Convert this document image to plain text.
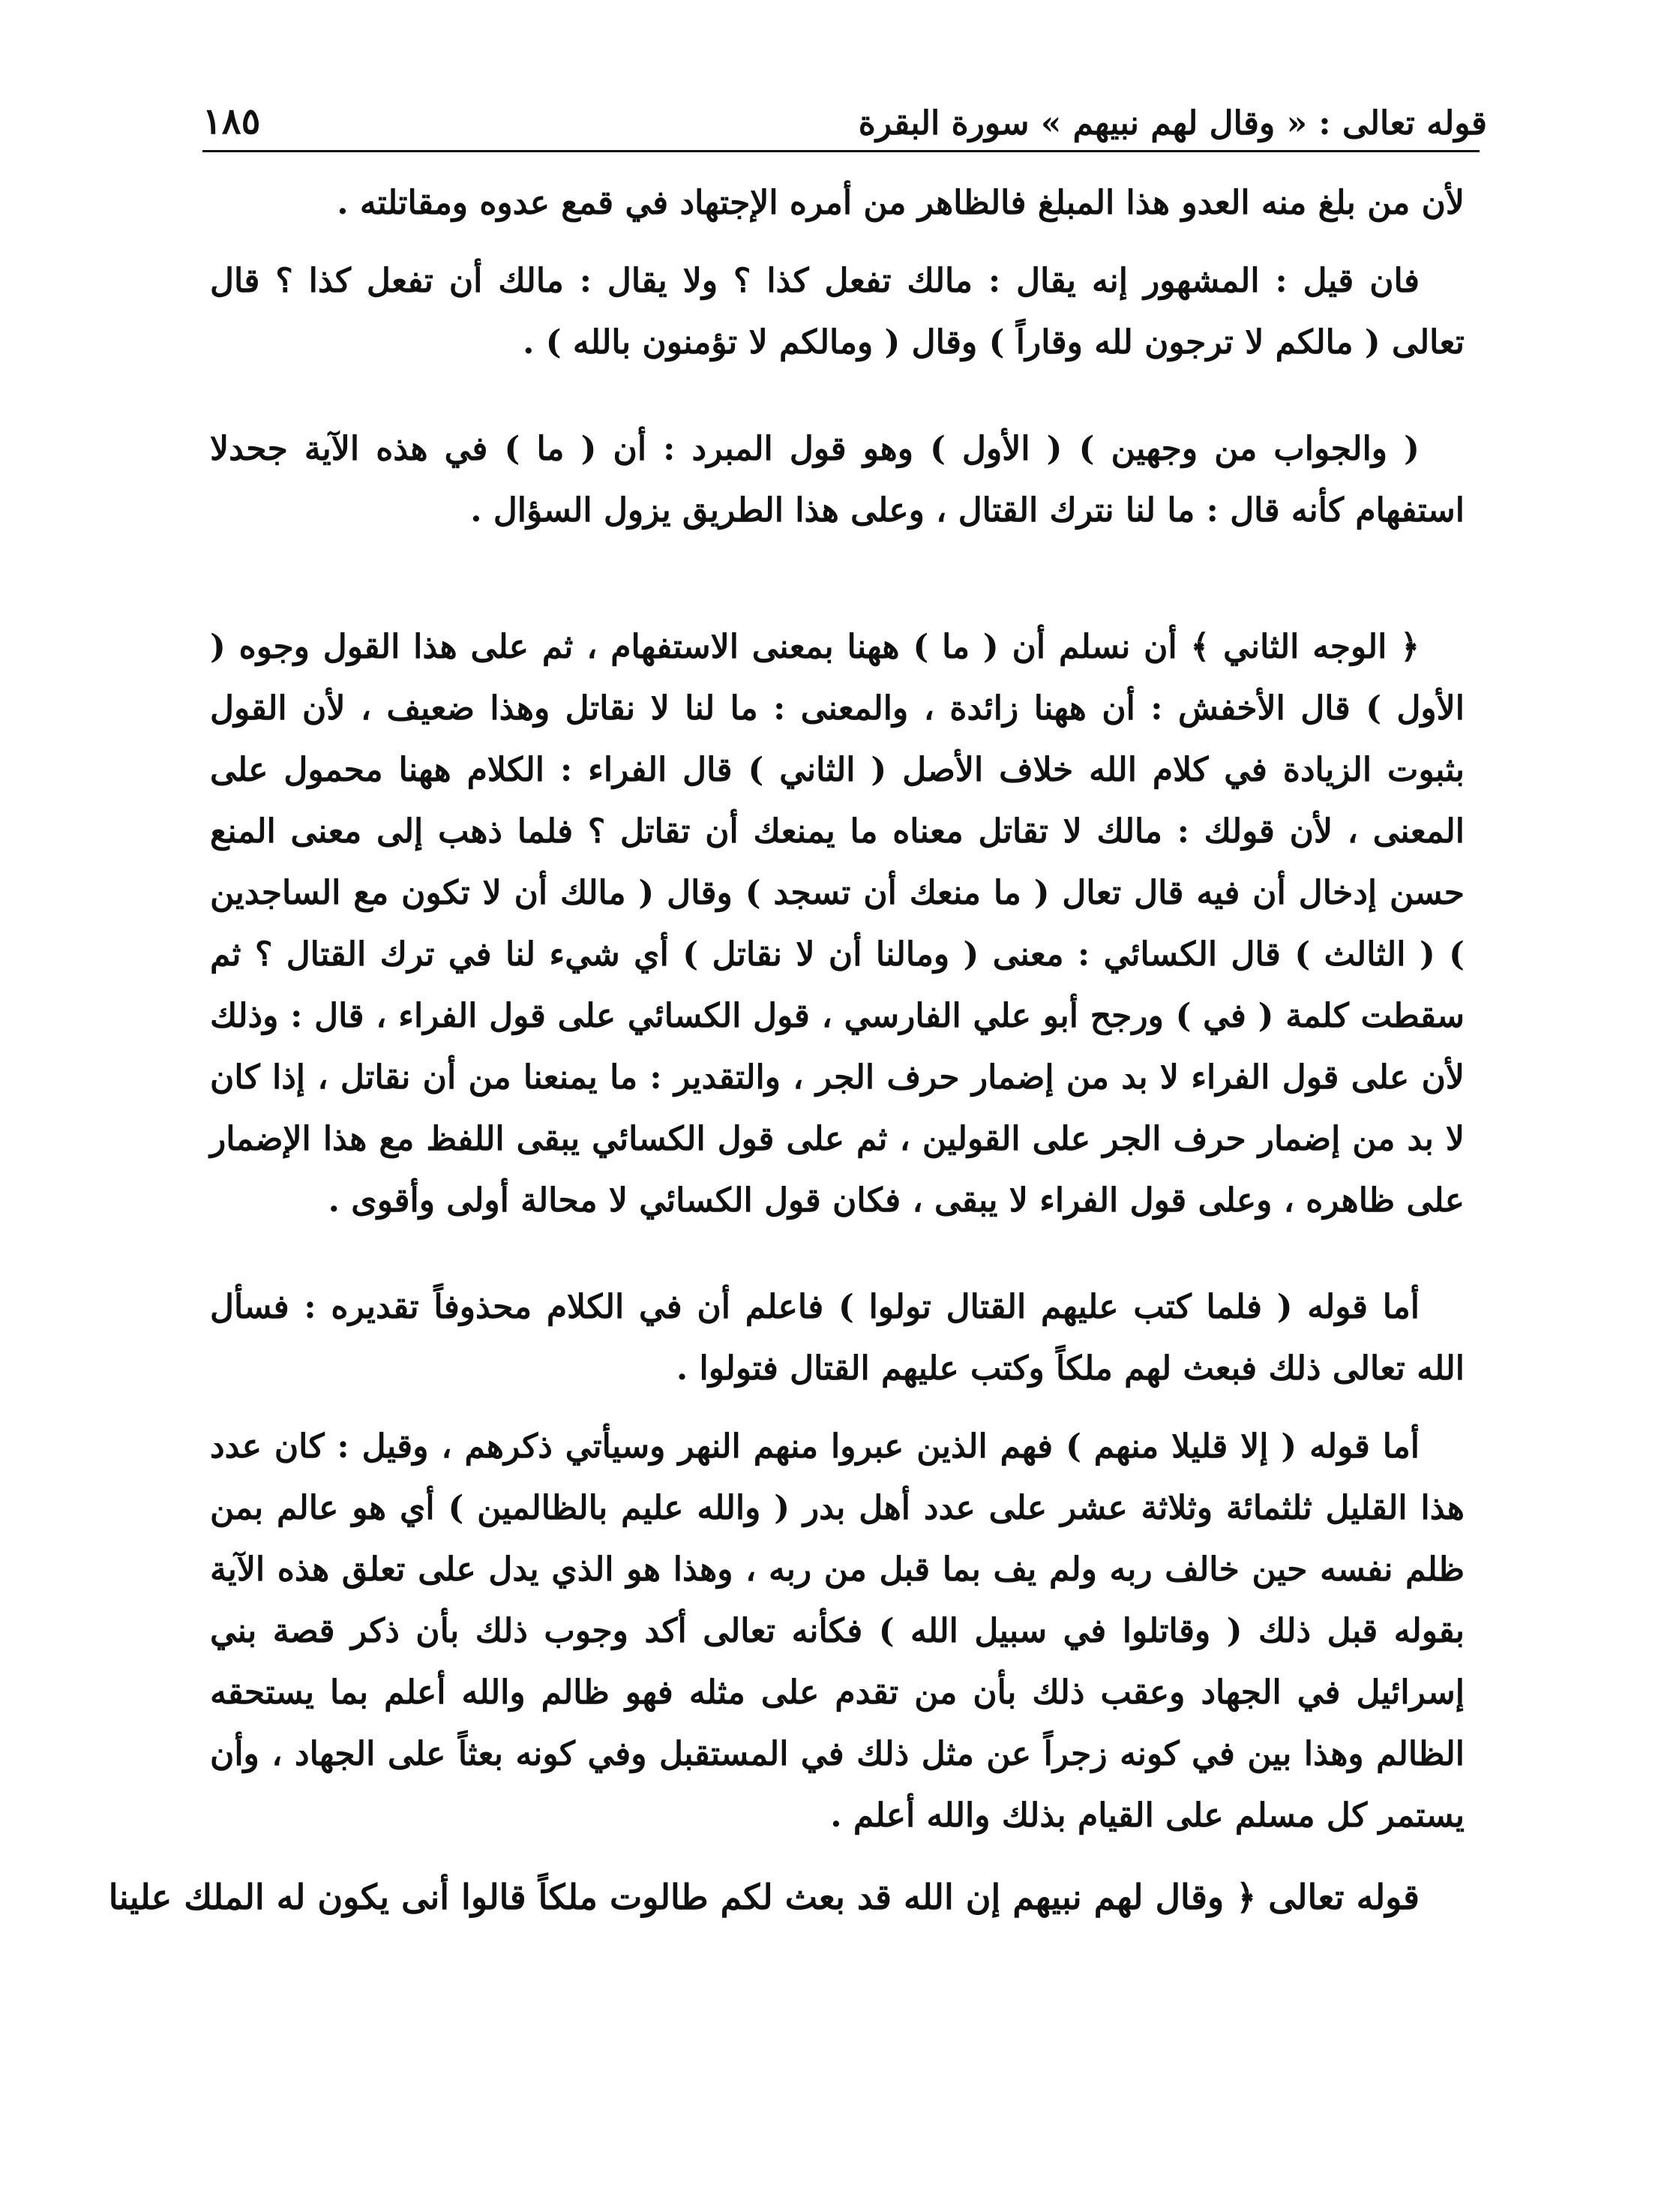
قوله تعالى : « وقال لهم نبيهم » سورة البقرة
١٨٥

لأن من بلغ منه العدو هذا المبلغ فالظاهر من أمره الإجتهاد في قمع عدوه ومقاتلته .

فان قيل : المشهور إنه يقال : مالك تفعل كذا ؟ ولا يقال : مالك أن تفعل كذا ؟ قال تعالى ( مالكم لا ترجون لله وقاراً ) وقال ( ومالكم لا تؤمنون بالله ) .

( والجواب من وجهين ) ( الأول ) وهو قول المبرد : أن ( ما ) في هذه الآية جحدلا استفهام كأنه قال : ما لنا نترك القتال ، وعلى هذا الطريق يزول السؤال .

﴿ الوجه الثاني ﴾ أن نسلم أن ( ما ) ههنا بمعنى الاستفهام ، ثم على هذا القول وجوه ( الأول ) قال الأخفش : أن ههنا زائدة ، والمعنى : ما لنا لا نقاتل وهذا ضعيف ، لأن القول بثبوت الزيادة في كلام الله خلاف الأصل ( الثاني ) قال الفراء : الكلام ههنا محمول على المعنى ، لأن قولك : مالك لا تقاتل معناه ما يمنعك أن تقاتل ؟ فلما ذهب إلى معنى المنع حسن إدخال أن فيه قال تعال ( ما منعك أن تسجد ) وقال ( مالك أن لا تكون مع الساجدين ) ( الثالث ) قال الكسائي : معنى ( ومالنا أن لا نقاتل ) أي شيء لنا في ترك القتال ؟ ثم سقطت كلمة ( في ) ورجح أبو علي الفارسي ، قول الكسائي على قول الفراء ، قال : وذلك لأن على قول الفراء لا بد من إضمار حرف الجر ، والتقدير : ما يمنعنا من أن نقاتل ، إذا كان لا بد من إضمار حرف الجر على القولين ، ثم على قول الكسائي يبقى اللفظ مع هذا الإضمار على ظاهره ، وعلى قول الفراء لا يبقى ، فكان قول الكسائي لا محالة أولى وأقوى .

أما قوله ( فلما كتب عليهم القتال تولوا ) فاعلم أن في الكلام محذوفاً تقديره : فسأل الله تعالى ذلك فبعث لهم ملكاً وكتب عليهم القتال فتولوا .

أما قوله ( إلا قليلا منهم ) فهم الذين عبروا منهم النهر وسيأتي ذكرهم ، وقيل : كان عدد هذا القليل ثلثمائة وثلاثة عشر على عدد أهل بدر ( والله عليم بالظالمين ) أي هو عالم بمن ظلم نفسه حين خالف ربه ولم يف بما قبل من ربه ، وهذا هو الذي يدل على تعلق هذه الآية بقوله قبل ذلك ( وقاتلوا في سبيل الله ) فكأنه تعالى أكد وجوب ذلك بأن ذكر قصة بني إسرائيل في الجهاد وعقب ذلك بأن من تقدم على مثله فهو ظالم والله أعلم بما يستحقه الظالم وهذا بين في كونه زجراً عن مثل ذلك في المستقبل وفي كونه بعثاً على الجهاد ، وأن يستمر كل مسلم على القيام بذلك والله أعلم .

قوله تعالى ﴿ وقال لهم نبيهم إن الله قد بعث لكم طالوت ملكاً قالوا أنى يكون له الملك علينا
